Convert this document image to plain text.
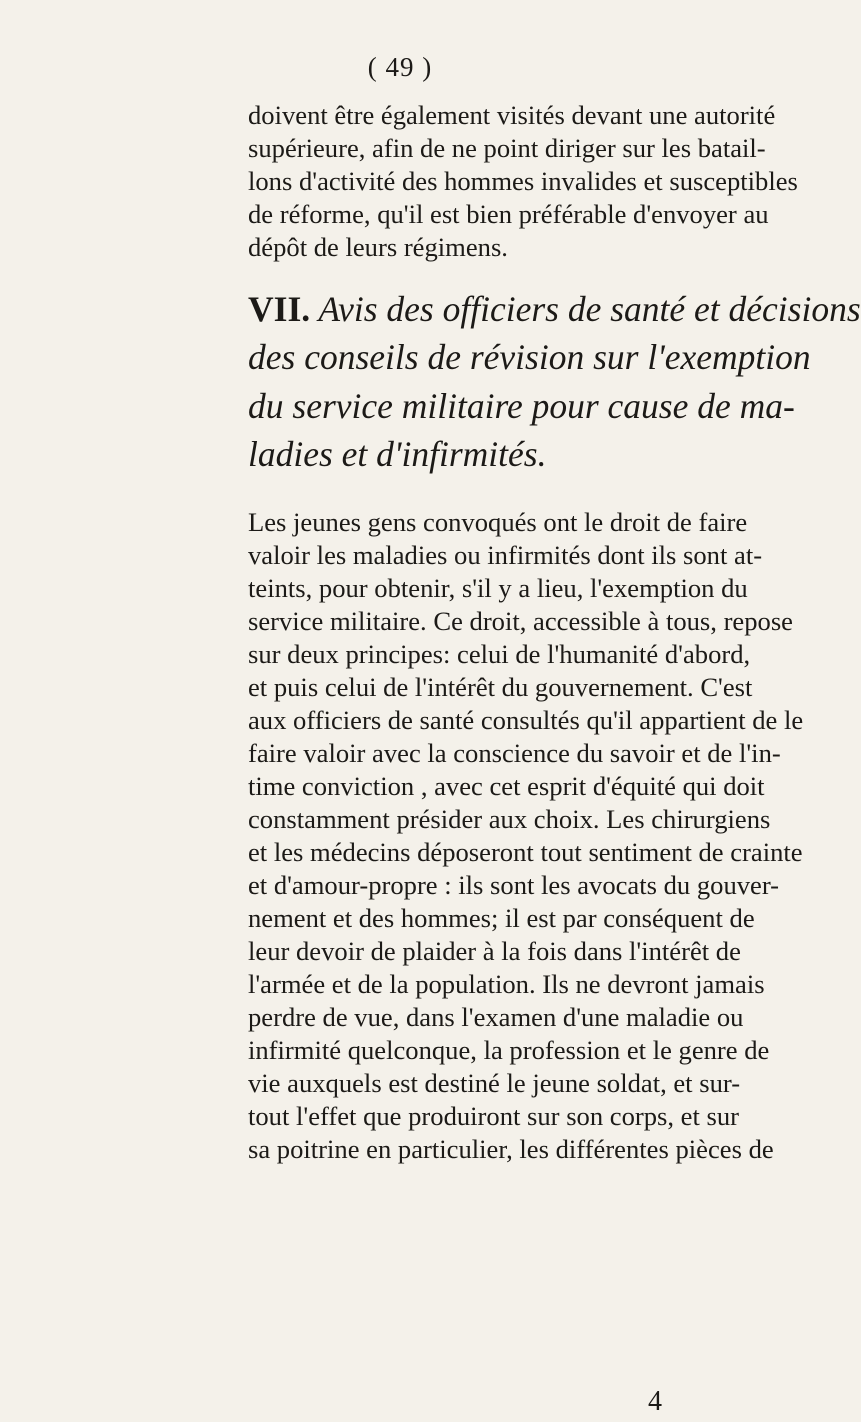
( 49 )
doivent être également visités devant une autorité
supérieure, afin de ne point diriger sur les batail-
lons d'activité des hommes invalides et susceptibles
de réforme, qu'il est bien préférable d'envoyer au
dépôt de leurs régimens.
VII. Avis des officiers de santé et décisions
des conseils de révision sur l'exemption
du service militaire pour cause de ma-
ladies et d'infirmités.
Les jeunes gens convoqués ont le droit de faire
valoir les maladies ou infirmités dont ils sont at-
teints, pour obtenir, s'il y a lieu, l'exemption du
service militaire. Ce droit, accessible à tous, repose
sur deux principes: celui de l'humanité d'abord,
et puis celui de l'intérêt du gouvernement. C'est
aux officiers de santé consultés qu'il appartient de le
faire valoir avec la conscience du savoir et de l'in-
time conviction , avec cet esprit d'équité qui doit
constamment présider aux choix. Les chirurgiens
et les médecins déposeront tout sentiment de crainte
et d'amour-propre : ils sont les avocats du gouver-
nement et des hommes; il est par conséquent de
leur devoir de plaider à la fois dans l'intérêt de
l'armée et de la population. Ils ne devront jamais
perdre de vue, dans l'examen d'une maladie ou
infirmité quelconque, la profession et le genre de
vie auxquels est destiné le jeune soldat, et sur-
tout l'effet que produiront sur son corps, et sur
sa poitrine en particulier, les différentes pièces de
4
